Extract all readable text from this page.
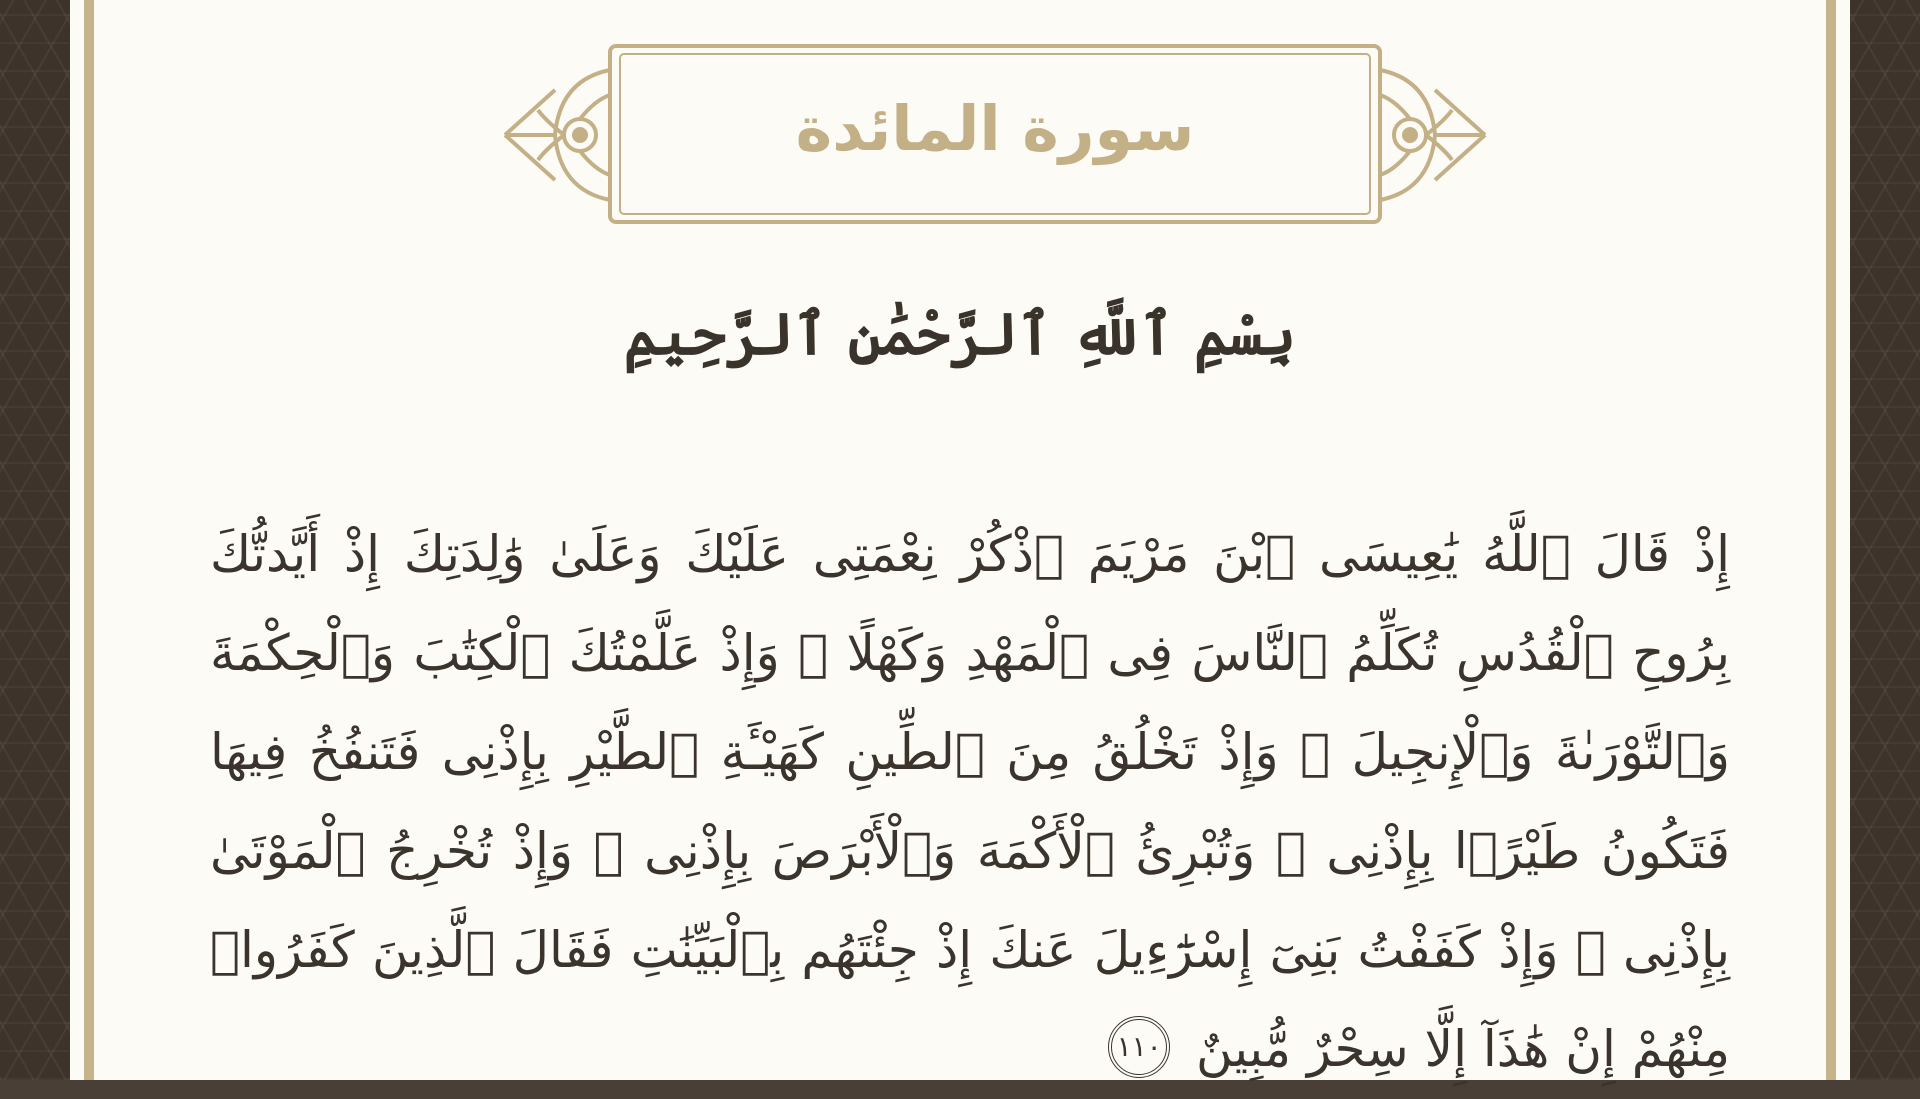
سورة المائدة
بِسْمِ ٱللَّهِ ٱلرَّحْمَٰنِ ٱلرَّحِيمِ
إِذْ قَالَ ٱللَّهُ يَٰعِيسَى ٱبْنَ مَرْيَمَ ٱذْكُرْ نِعْمَتِى عَلَيْكَ وَعَلَىٰ وَٰلِدَتِكَ إِذْ أَيَّدتُّكَ بِرُوحِ ٱلْقُدُسِ تُكَلِّمُ ٱلنَّاسَ فِى ٱلْمَهْدِ وَكَهْلًا ۖ وَإِذْ عَلَّمْتُكَ ٱلْكِتَٰبَ وَٱلْحِكْمَةَ وَٱلتَّوْرَىٰةَ وَٱلْإِنجِيلَ ۖ وَإِذْ تَخْلُقُ مِنَ ٱلطِّينِ كَهَيْـَٔةِ ٱلطَّيْرِ بِإِذْنِى فَتَنفُخُ فِيهَا فَتَكُونُ طَيْرًۢا بِإِذْنِى ۖ وَتُبْرِئُ ٱلْأَكْمَهَ وَٱلْأَبْرَصَ بِإِذْنِى ۖ وَإِذْ تُخْرِجُ ٱلْمَوْتَىٰ بِإِذْنِى ۖ وَإِذْ كَفَفْتُ بَنِىٓ إِسْرَٰٓءِيلَ عَنكَ إِذْ جِئْتَهُم بِٱلْبَيِّنَٰتِ فَقَالَ ٱلَّذِينَ كَفَرُوا۟ مِنْهُمْ إِنْ هَٰذَآ إِلَّا سِحْرٌ مُّبِينٌ ١١٠
